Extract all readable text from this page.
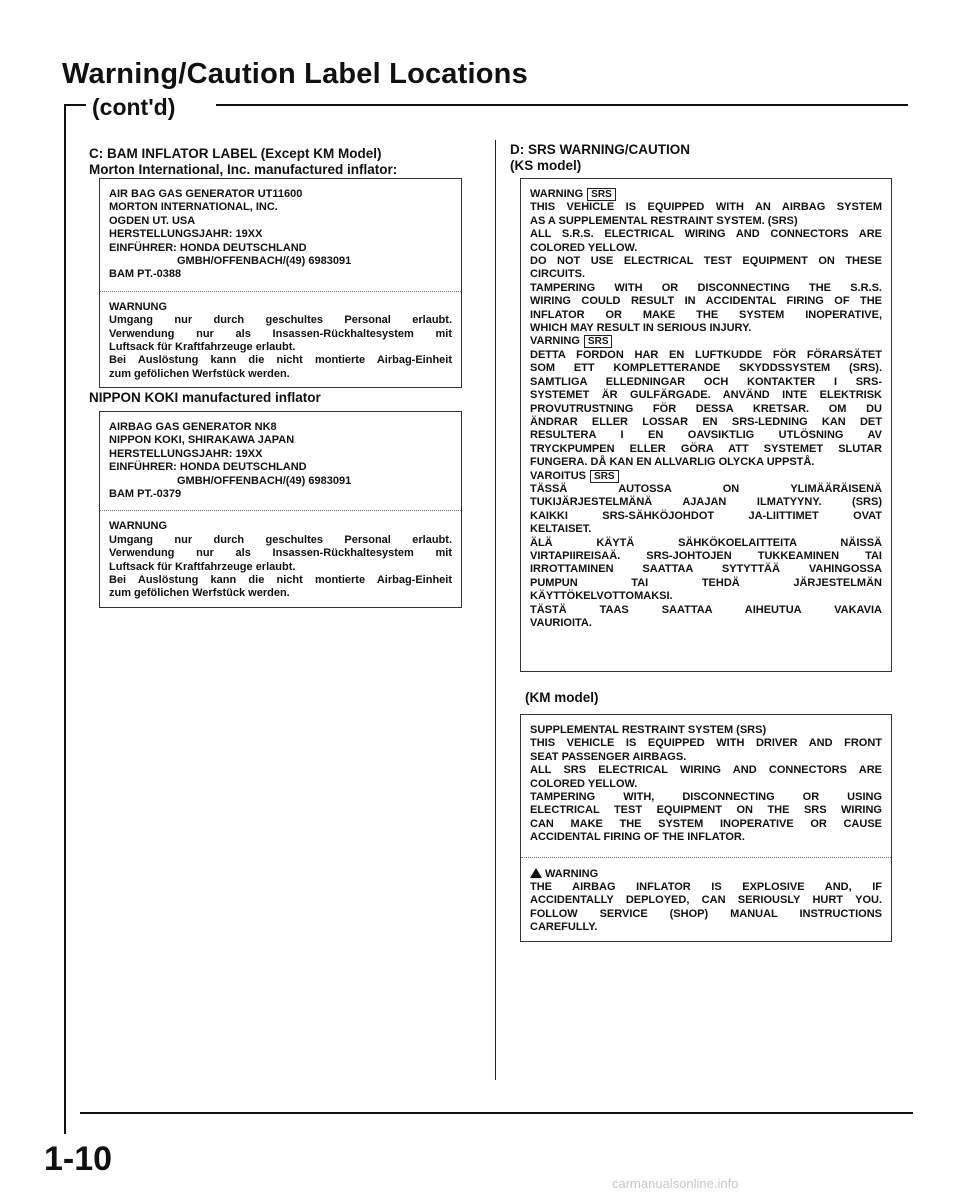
Warning/Caution Label Locations
(cont'd)
C: BAM INFLATOR LABEL (Except KM Model)
Morton International, Inc. manufactured inflator:

AIR BAG GAS GENERATOR UT11600

MORTON INTERNATIONAL, INC.

OGDEN UT. USA

HERSTELLUNGSJAHR: 19XX

EINFÜHRER: HONDA DEUTSCHLAND

GMBH/OFFENBACH/(49) 6983091

BAM PT.-0388

WARNUNG

Umgang nur durch geschultes Personal erlaubt.

Verwendung nur als Insassen-Rückhaltesystem mit

Luftsack für Kraftfahrzeuge erlaubt.

Bei Auslöstung kann die nicht montierte Airbag-Einheit

zum gefölichen Werfstück werden.

NIPPON KOKI manufactured inflator

AIRBAG GAS GENERATOR NK8

NIPPON KOKI, SHIRAKAWA JAPAN

HERSTELLUNGSJAHR: 19XX

EINFÜHRER: HONDA DEUTSCHLAND

GMBH/OFFENBACH/(49) 6983091

BAM PT.-0379

WARNUNG

Umgang nur durch geschultes Personal erlaubt.

Verwendung nur als Insassen-Rückhaltesystem mit

Luftsack für Kraftfahrzeuge erlaubt.

Bei Auslöstung kann die nicht montierte Airbag-Einheit

zum gefölichen Werfstück werden.

D: SRS WARNING/CAUTION
(KS model)

WARNING SRS

THIS VEHICLE IS EQUIPPED WITH AN AIRBAG SYSTEM

AS A SUPPLEMENTAL RESTRAINT SYSTEM. (SRS)

ALL S.R.S. ELECTRICAL WIRING AND CONNECTORS ARE

COLORED YELLOW.

DO NOT USE ELECTRICAL TEST EQUIPMENT ON THESE

CIRCUITS.

TAMPERING WITH OR DISCONNECTING THE S.R.S.

WIRING COULD RESULT IN ACCIDENTAL FIRING OF THE

INFLATOR OR MAKE THE SYSTEM INOPERATIVE,

WHICH MAY RESULT IN SERIOUS INJURY.

VARNING SRS

DETTA FORDON HAR EN LUFTKUDDE FÖR FÖRARSÄTET

SOM ETT KOMPLETTERANDE SKYDDSSYSTEM (SRS).

SAMTLIGA ELLEDNINGAR OCH KONTAKTER I SRS-

SYSTEMET ÄR GULFÄRGADE. ANVÄND INTE ELEKTRISK

PROVUTRUSTNING FÖR DESSA KRETSAR. OM DU

ÄNDRAR ELLER LOSSAR EN SRS-LEDNING KAN DET

RESULTERA I EN OAVSIKTLIG UTLÖSNING AV

TRYCKPUMPEN ELLER GÖRA ATT SYSTEMET SLUTAR

FUNGERA. DÅ KAN EN ALLVARLIG OLYCKA UPPSTÅ.

VAROITUS SRS

TÄSSÄ AUTOSSA ON YLIMÄÄRÄISENÄ

TUKIJÄRJESTELMÄNÄ AJAJAN ILMATYYNY. (SRS)

KAIKKI SRS-SÄHKÖJOHDOT JA-LIITTIMET OVAT

KELTAISET.

ÄLÄ KÄYTÄ SÄHKÖKOELAITTEITA NÄISSÄ

VIRTAPIIREISAÄ. SRS-JOHTOJEN TUKKEAMINEN TAI

IRROTTAMINEN SAATTAA SYTYTTÄÄ VAHINGOSSA

PUMPUN TAI TEHDÄ JÄRJESTELMÄN

KÄYTTÖKELVOTTOMAKSI.

TÄSTÄ TAAS SAATTAA AIHEUTUA VAKAVIA

VAURIOITA.

(KM model)

SUPPLEMENTAL RESTRAINT SYSTEM (SRS)

THIS VEHICLE IS EQUIPPED WITH DRIVER AND FRONT

SEAT PASSENGER AIRBAGS.

ALL SRS ELECTRICAL WIRING AND CONNECTORS ARE

COLORED YELLOW.

TAMPERING WITH, DISCONNECTING OR USING

ELECTRICAL TEST EQUIPMENT ON THE SRS WIRING

CAN MAKE THE SYSTEM INOPERATIVE OR CAUSE

ACCIDENTAL FIRING OF THE INFLATOR.

WARNING

THE AIRBAG INFLATOR IS EXPLOSIVE AND, IF

ACCIDENTALLY DEPLOYED, CAN SERIOUSLY HURT YOU.

FOLLOW SERVICE (SHOP) MANUAL INSTRUCTIONS

CAREFULLY.

1-10
carmanualsonline.info
